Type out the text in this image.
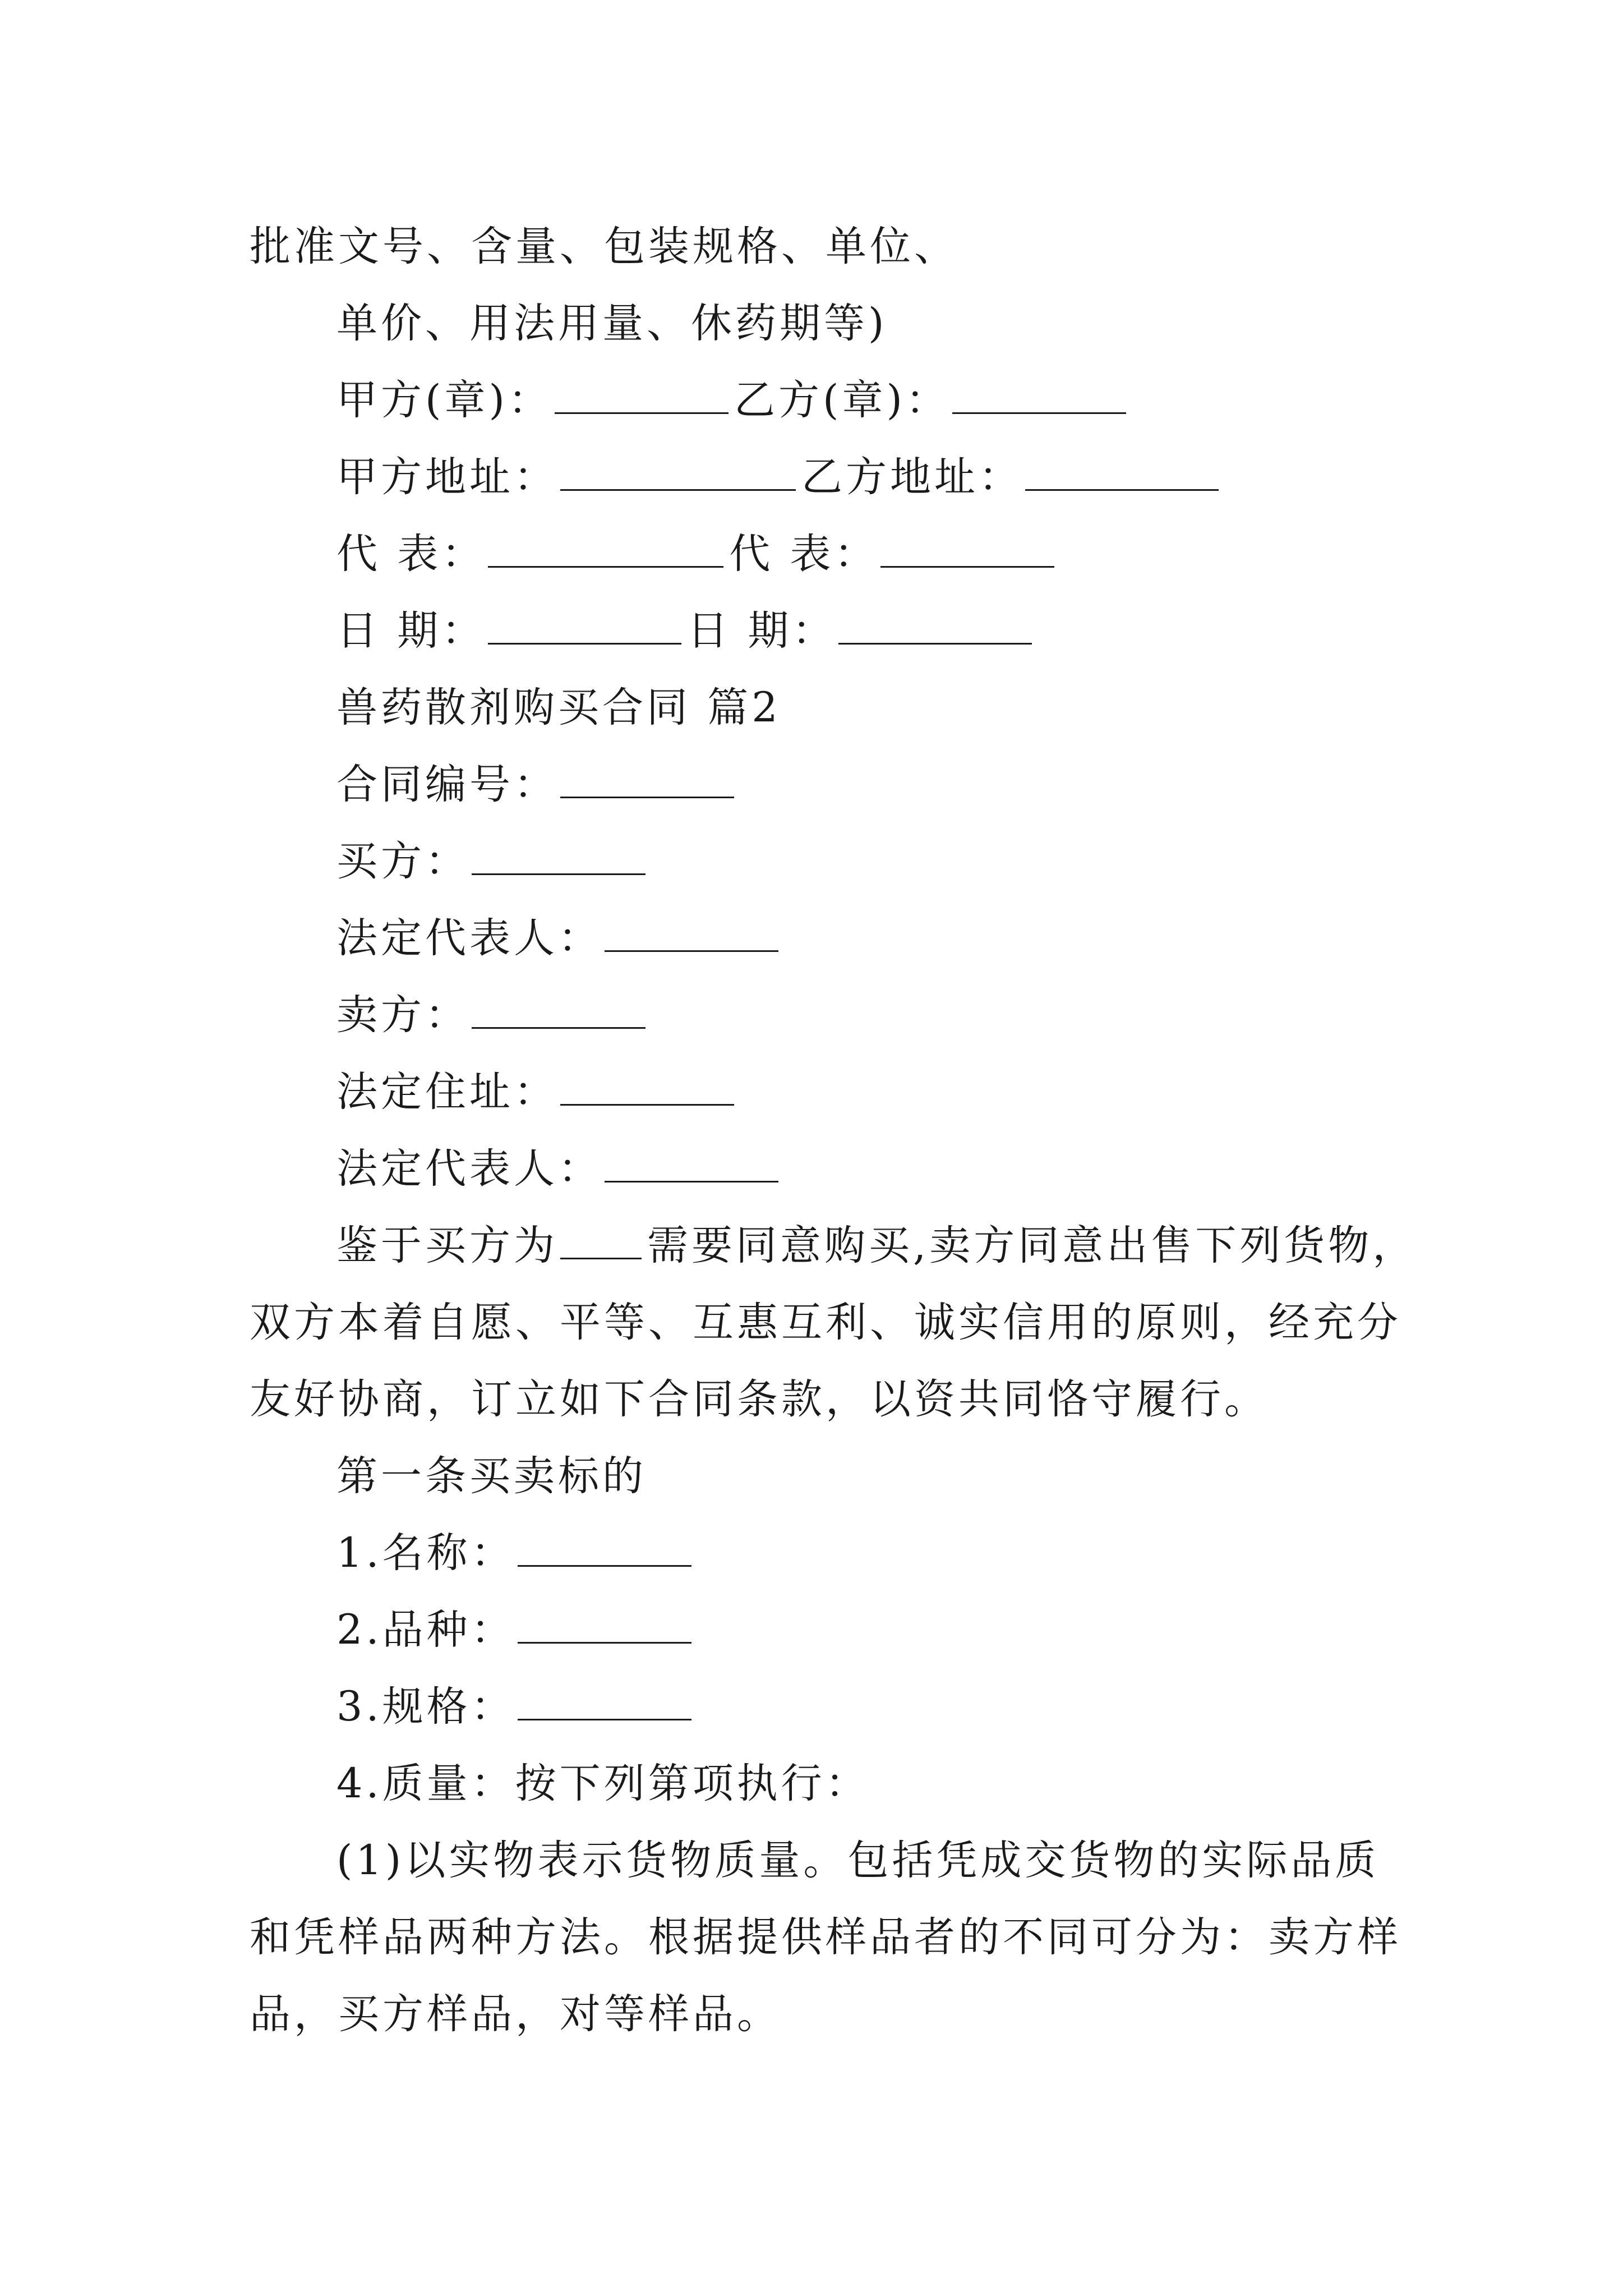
批准文号、含量、包装规格、单位、
单价、用法用量、休药期等)
甲方(章)：	乙方(章)：
甲方地址：	乙方地址：
代 表：	代 表：
日 期：	日 期：
兽药散剂购买合同 篇2
合同编号：
买方：
法定代表人：
卖方：
法定住址：
法定代表人：
鉴于买方为 需要同意购买,卖方同意出售下列货物，
双方本着自愿、平等、互惠互利、诚实信用的原则，经充分
友好协商，订立如下合同条款，以资共同恪守履行。
第一条买卖标的
1.名称：
2.品种：
3.规格：
4.质量：按下列第项执行：
(1)以实物表示货物质量。包括凭成交货物的实际品质
和凭样品两种方法。根据提供样品者的不同可分为：卖方样
品，买方样品，对等样品。
